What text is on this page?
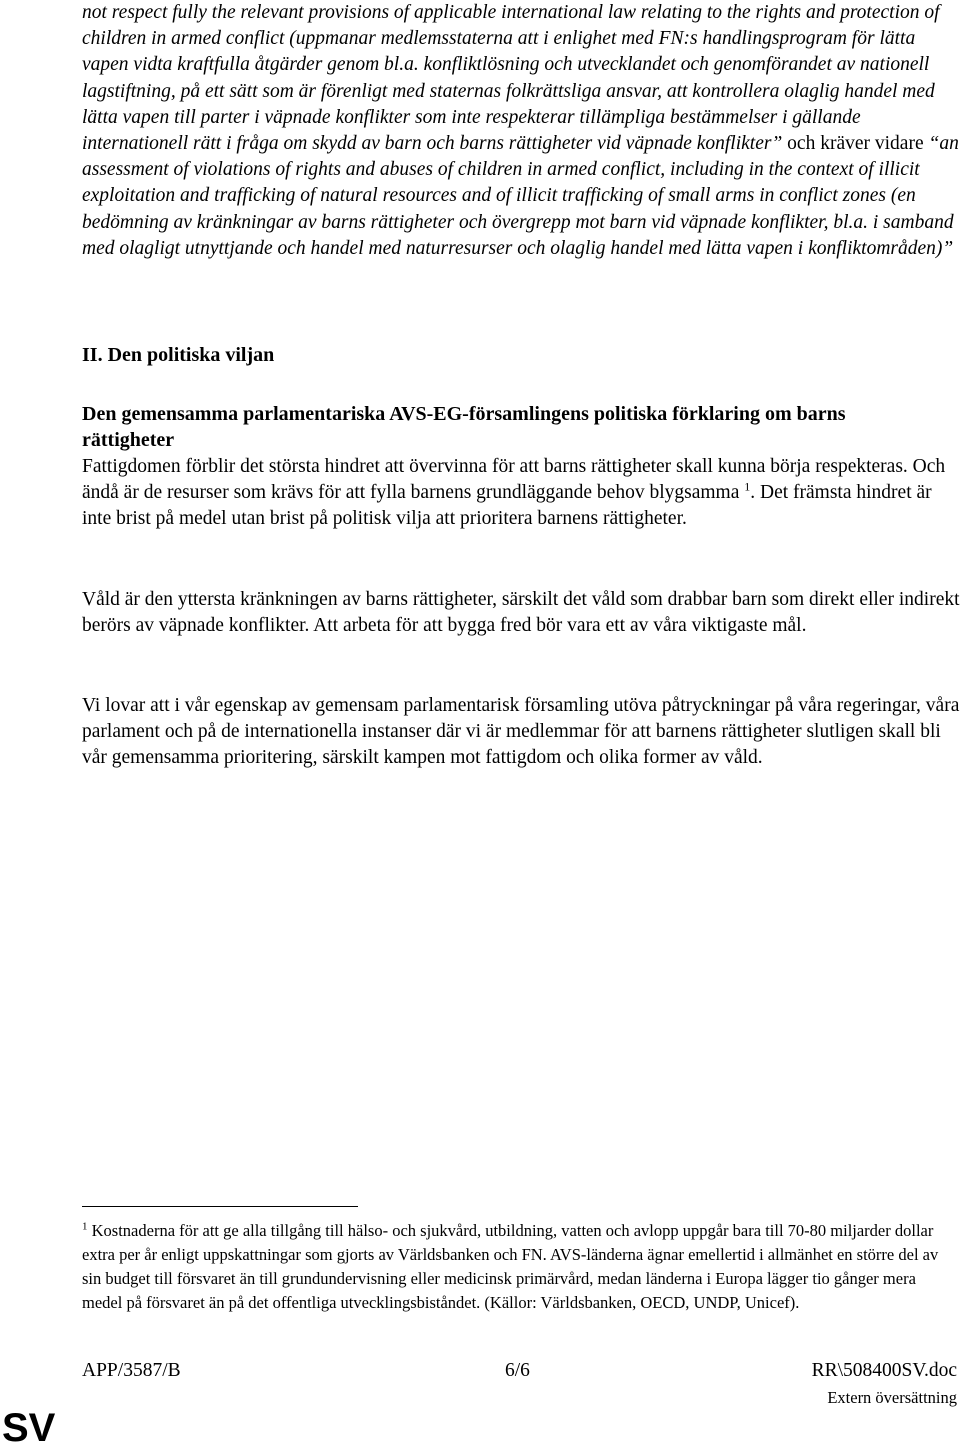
not respect fully the relevant provisions of applicable international law relating to the rights and protection of children in armed conflict (uppmanar medlemsstaterna att i enlighet med FN:s handlingsprogram för lätta vapen vidta kraftfulla åtgärder genom bl.a. konfliktlösning och utvecklandet och genomförandet av nationell lagstiftning, på ett sätt som är förenligt med staternas folkrättsliga ansvar, att kontrollera olaglig handel med lätta vapen till parter i väpnade konflikter som inte respekterar tillämpliga bestämmelser i gällande internationell rätt i fråga om skydd av barn och barns rättigheter vid väpnade konflikter” och kräver vidare “an assessment of violations of rights and abuses of children in armed conflict, including in the context of illicit exploitation and trafficking of natural resources and of illicit trafficking of small arms in conflict zones (en bedömning av kränkningar av barns rättigheter och övergrepp mot barn vid väpnade konflikter, bl.a. i samband med olagligt utnyttjande och handel med naturresurser och olaglig handel med lätta vapen i konfliktområden)”

II. Den politiska viljan
Den gemensamma parlamentariska AVS-EG-församlingens politiska förklaring om barns rättigheter

Fattigdomen förblir det största hindret att övervinna för att barns rättigheter skall kunna börja respekteras. Och ändå är de resurser som krävs för att fylla barnens grundläggande behov blygsamma $^1$. Det främsta hindret är inte brist på medel utan brist på politisk vilja att prioritera barnens rättigheter.

Våld är den yttersta kränkningen av barns rättigheter, särskilt det våld som drabbar barn som direkt eller indirekt berörs av väpnade konflikter. Att arbeta för att bygga fred bör vara ett av våra viktigaste mål.

Vi lovar att i vår egenskap av gemensam parlamentarisk församling utöva påtryckningar på våra regeringar, våra parlament och på de internationella instanser där vi är medlemmar för att barnens rättigheter slutligen skall bli vår gemensamma prioritering, särskilt kampen mot fattigdom och olika former av våld.

$^1$ Kostnaderna för att ge alla tillgång till hälso- och sjukvård, utbildning, vatten och avlopp uppgår bara till 70-80 miljarder dollar extra per år enligt uppskattningar som gjorts av Världsbanken och FN. AVS-länderna ägnar emellertid i allmänhet en större del av sin budget till försvaret än till grundundervisning eller medicinsk primärvård, medan länderna i Europa lägger tio gånger mera medel på försvaret än på det offentliga utvecklingsbiståndet. (Källor: Världsbanken, OECD, UNDP, Unicef).

APP/3587/B	6/6	RR\508400SV.doc
Extern översättning
SV
